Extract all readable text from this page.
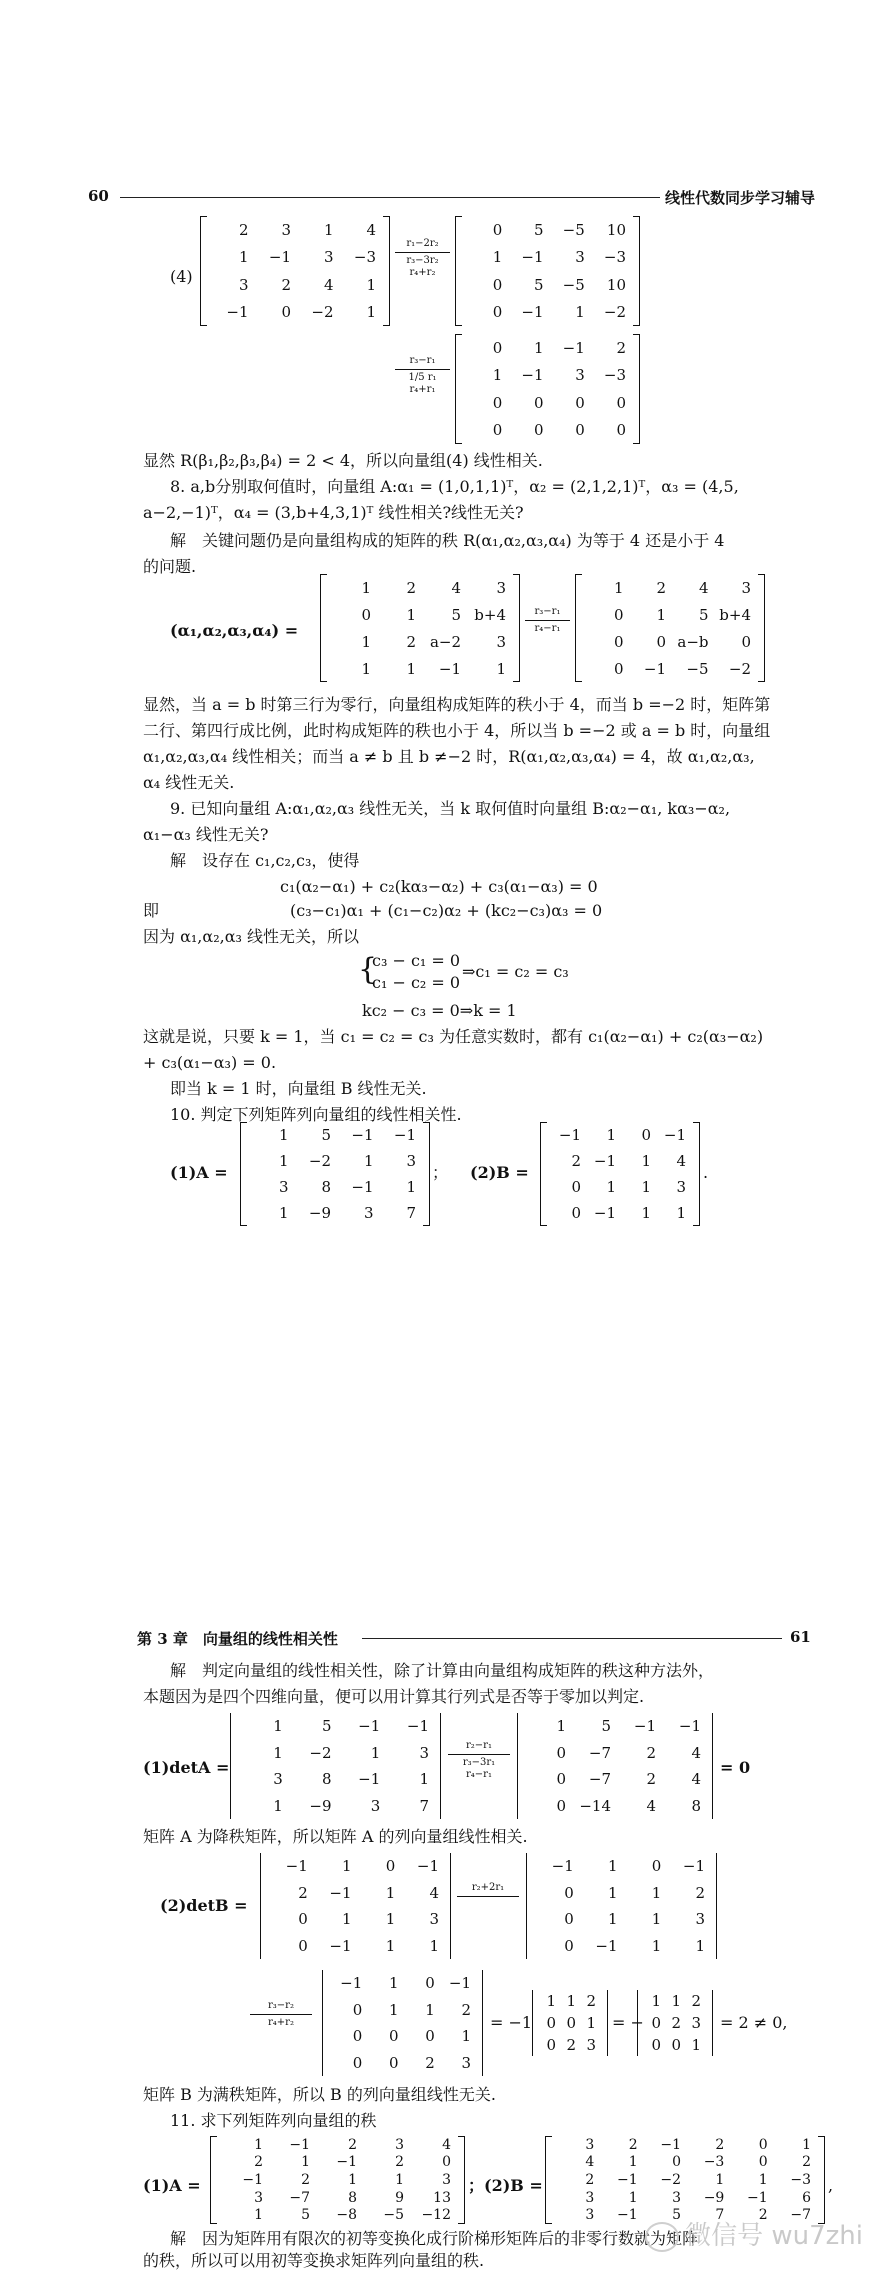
60	线性代数同步学习辅导
(4)
2 3 1 4
1 −1 3 −3
3 2 4 1
−1 0 −2 1
r₁−2r₂
r₃−3r₂
r₄+r₂
0 5 −5 10
1 −1 3 −3
0 5 −5 10
0 −1 1 −2
r₃−r₁
1/5 r₁
r₄+r₁
0 1 −1 2
1 −1 3 −3
0 0 0 0
0 0 0 0
显然 R(β₁,β₂,β₃,β₄) = 2 < 4，所以向量组(4) 线性相关.
8. a,b分别取何值时，向量组 A:α₁ = (1,0,1,1)ᵀ，α₂ = (2,1,2,1)ᵀ，α₃ = (4,5,
a−2,−1)ᵀ，α₄ = (3,b+4,3,1)ᵀ 线性相关?线性无关?
解　关键问题仍是向量组构成的矩阵的秩 R(α₁,α₂,α₃,α₄) 为等于 4 还是小于 4
的问题.
(α₁,α₂,α₃,α₄) =
1 2 4 3
0 1 5 b+4
1 2 a−2 3
1 1 −1 1
r₃−r₁
r₄−r₁
1 2 4 3
0 1 5 b+4
0 0 a−b 0
0 −1 −5 −2
显然，当 a = b 时第三行为零行，向量组构成矩阵的秩小于 4，而当 b =−2 时，矩阵第
二行、第四行成比例，此时构成矩阵的秩也小于 4，所以当 b =−2 或 a = b 时，向量组
α₁,α₂,α₃,α₄ 线性相关；而当 a ≠ b 且 b ≠−2 时，R(α₁,α₂,α₃,α₄) = 4，故 α₁,α₂,α₃,
α₄ 线性无关.
9. 已知向量组 A:α₁,α₂,α₃ 线性无关，当 k 取何值时向量组 B:α₂−α₁, kα₃−α₂,
α₁−α₃ 线性无关?
解　设存在 c₁,c₂,c₃，使得
c₁(α₂−α₁) + c₂(kα₃−α₂) + c₃(α₁−α₃) = 0
即	(c₃−c₁)α₁ + (c₁−c₂)α₂ + (kc₂−c₃)α₃ = 0
因为 α₁,α₂,α₃ 线性无关，所以
{
c₃ − c₁ = 0
c₁ − c₂ = 0
⇒c₁ = c₂ = c₃
kc₂ − c₃ = 0⇒k = 1
这就是说，只要 k = 1，当 c₁ = c₂ = c₃ 为任意实数时，都有 c₁(α₂−α₁) + c₂(α₃−α₂)
+ c₃(α₁−α₃) = 0.
即当 k = 1 时，向量组 B 线性无关.
10. 判定下列矩阵列向量组的线性相关性.
(1)A =
1 5 −1 −1
1 −2 1 3
3 8 −1 1
1 −9 3 7
； (2)B =
−1 1 0 −1
2 −1 1 4
0 1 1 3
0 −1 1 1
.
第 3 章　向量组的线性相关性	61
解　判定向量组的线性相关性，除了计算由向量组构成矩阵的秩这种方法外，
本题因为是四个四维向量，便可以用计算其行列式是否等于零加以判定.
(1)detA =
1	5 −1 −1
1 −2	1	3
3	8 −1	1
1 −9	3	7
r₂−r₁
r₃−3r₁
r₄−r₁
1 5 −1 −1
0 −7 2 4
0 −7 2 4
0 −14 4 8
= 0
矩阵 A 为降秩矩阵，所以矩阵 A 的列向量组线性相关.
(2)detB =
−1 1 0 −1
2 −1 1 4
0 1 1 3
0 −1 1 1
r₂+2r₁
−1 1 0 −1
0 1 1 2
0 1 1 3
0 −1 1 1
r₃−r₂
r₄+r₂
−1 1 0 −1
0 1 1 2
0 0 0 1
0 0 2 3
= −1
1 1 2
0 0 1
0 2 3
= −
1 1 2
0 2 3
0 0 1
= 2 ≠ 0,
矩阵 B 为满秩矩阵，所以 B 的列向量组线性无关.
11. 求下列矩阵列向量组的秩
(1)A =
1 −1	2	3	4
2	1 −1	2	0
−1	2	1	1	3
3 −7	8	9 13
1	5 −8 −5 −12
；(2)B =
3 2 −1 2 0 1
4 1 0 −3 0 2
2 −1 −2 1 1 −3
3 1 3 −9 −1 6
3 −1 5 7 2 −7
,
解　因为矩阵用有限次的初等变换化成行阶梯形矩阵后的非零行数就为矩阵
的秩，所以可以用初等变换求矩阵列向量组的秩.
微信号 wu7zhi
